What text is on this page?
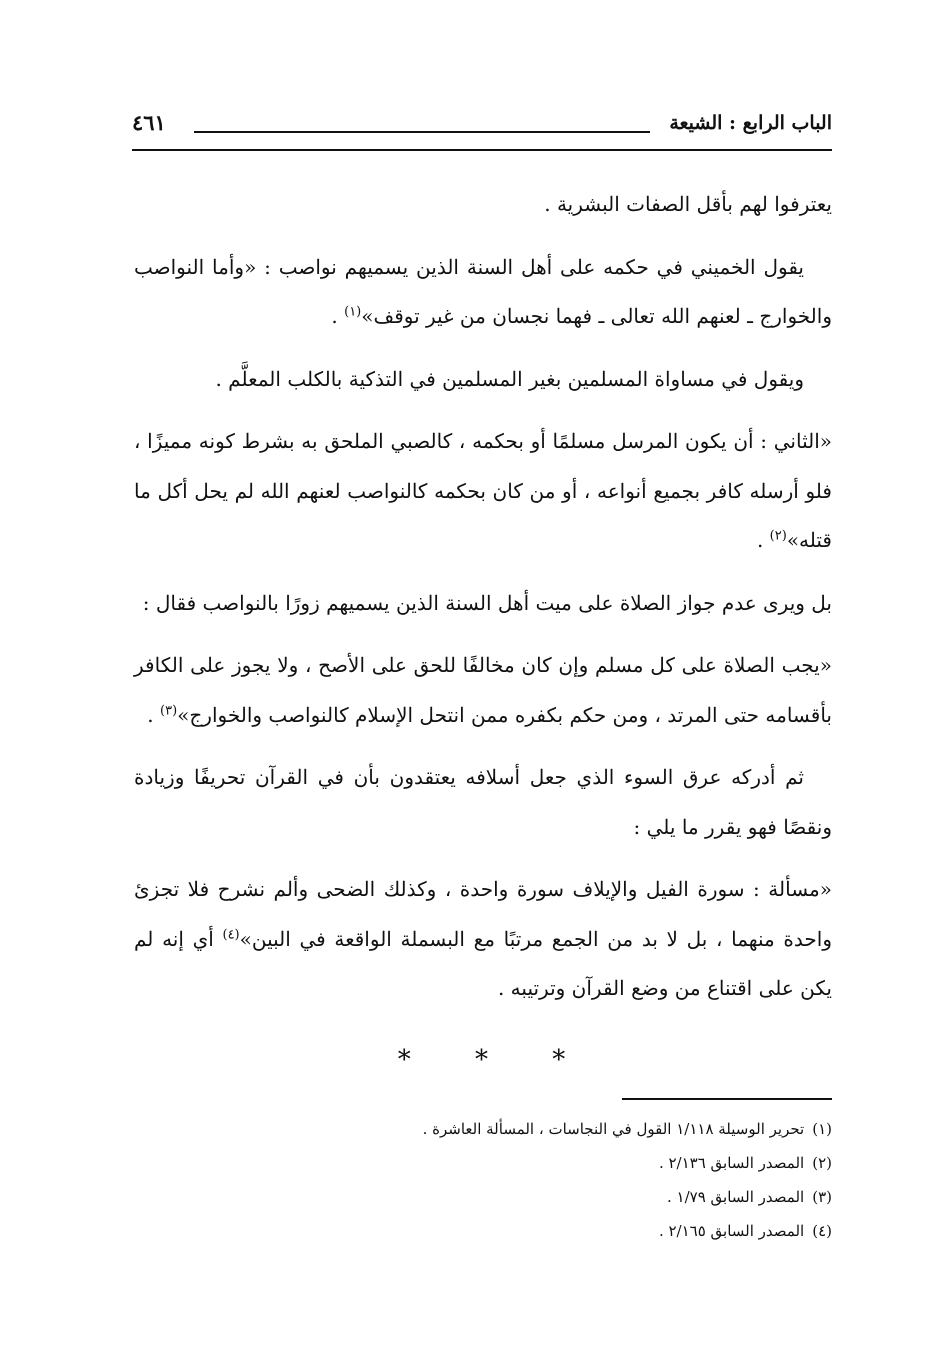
الباب الرابع : الشيعة
٤٦١

يعترفوا لهم بأقل الصفات البشرية .

يقول الخميني في حكمه على أهل السنة الذين يسميهم نواصب : «وأما النواصب والخوارج ـ لعنهم الله تعالى ـ فهما نجسان من غير توقف»$^{(١)}$ .

ويقول في مساواة المسلمين بغير المسلمين في التذكية بالكلب المعلَّم .

«الثاني : أن يكون المرسل مسلمًا أو بحكمه ، كالصبي الملحق به بشرط كونه مميزًا ، فلو أرسله كافر بجميع أنواعه ، أو من كان بحكمه كالنواصب لعنهم الله لم يحل أكل ما قتله»$^{(٢)}$ .

بل ويرى عدم جواز الصلاة على ميت أهل السنة الذين يسميهم زورًا بالنواصب فقال :

«يجب الصلاة على كل مسلم وإن كان مخالفًا للحق على الأصح ، ولا يجوز على الكافر بأقسامه حتى المرتد ، ومن حكم بكفره ممن انتحل الإسلام كالنواصب والخوارج»$^{(٣)}$ .

ثم أدركه عرق السوء الذي جعل أسلافه يعتقدون بأن في القرآن تحريفًا وزيادة ونقصًا فهو يقرر ما يلي :

«مسألة : سورة الفيل والإيلاف سورة واحدة ، وكذلك الضحى وألم نشرح فلا تجزئ واحدة منهما ، بل لا بد من الجمع مرتبًا مع البسملة الواقعة في البين»$^{(٤)}$ أي إنه لم يكن على اقتناع من وضع القرآن وترتيبه .

* * *
(١)تحرير الوسيلة ١/١١٨ القول في النجاسات ، المسألة العاشرة .
(٢)المصدر السابق ٢/١٣٦ .
(٣)المصدر السابق ١/٧٩ .
(٤)المصدر السابق ٢/١٦٥ .
